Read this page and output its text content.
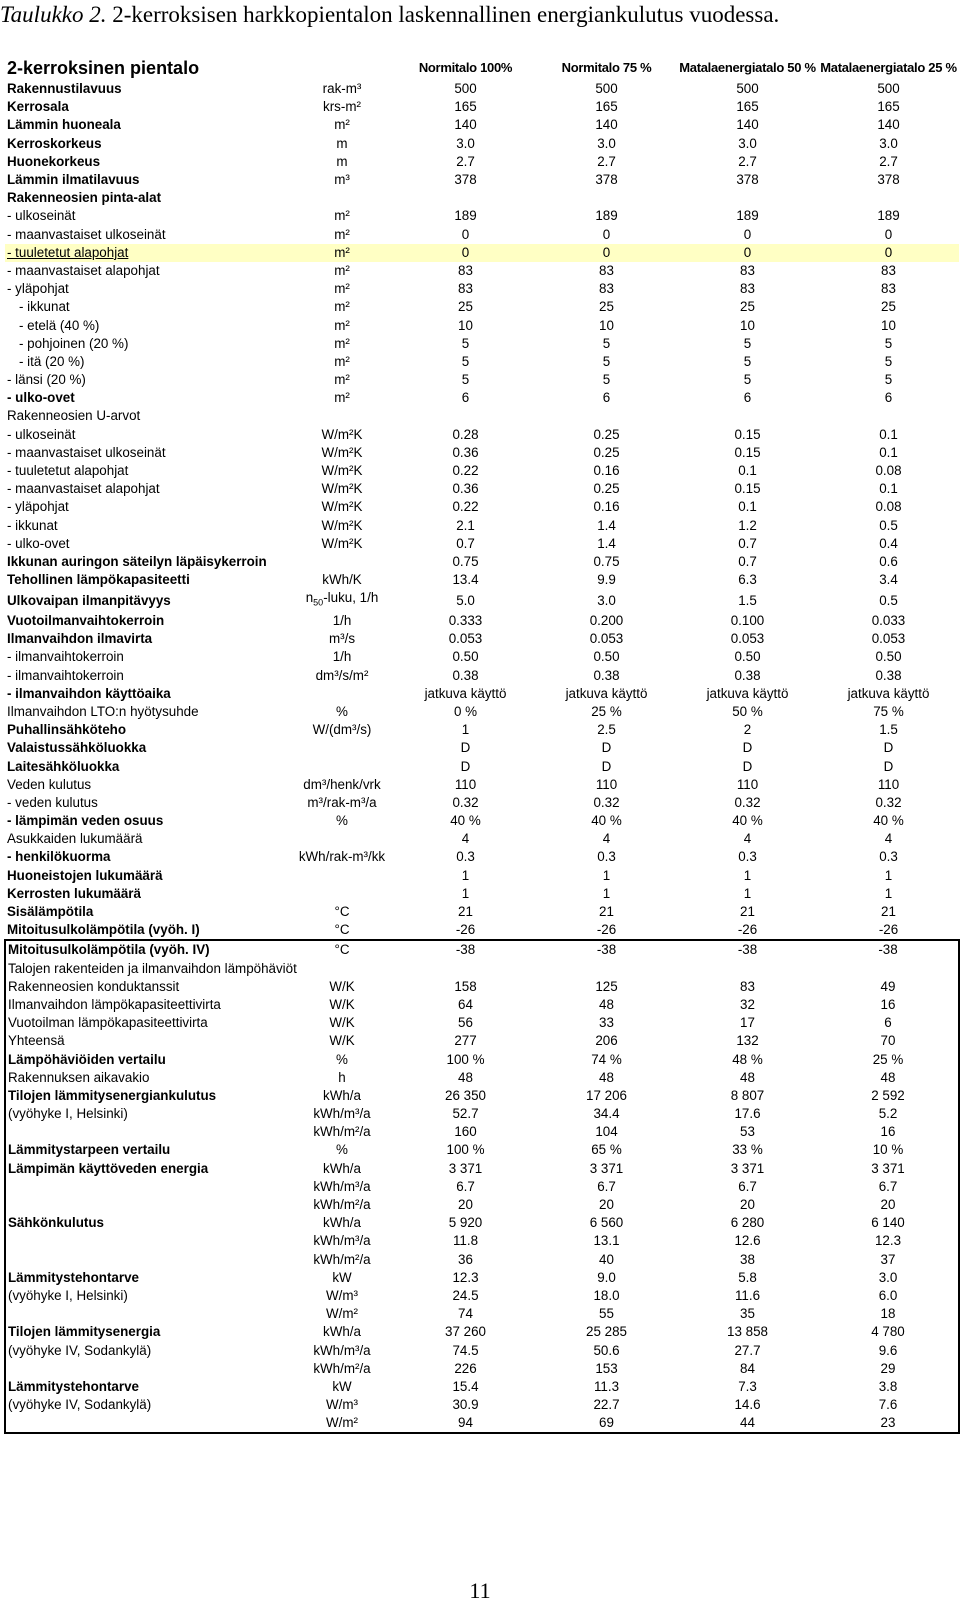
Taulukko 2. 2-kerroksisen harkkopientalon laskennallinen energiankulutus vuodessa.
2-kerroksinen pientalo		Normitalo 100%	Normitalo 75 %	Matalaenergiatalo 50 %	Matalaenergiatalo 25 %
Rakennustilavuus	rak-m³	500	500	500	500
Kerrosala	krs-m²	165	165	165	165
Lämmin huoneala	m²	140	140	140	140
Kerroskorkeus	m	3.0	3.0	3.0	3.0
Huonekorkeus	m	2.7	2.7	2.7	2.7
Lämmin ilmatilavuus	m³	378	378	378	378
Rakenneosien pinta-alat					
- ulkoseinät	m²	189	189	189	189
- maanvastaiset ulkoseinät	m²	0	0	0	0
- tuuletetut alapohjat	m²	0	0	0	0
- maanvastaiset alapohjat	m²	83	83	83	83
- yläpohjat	m²	83	83	83	83
- ikkunat	m²	25	25	25	25
- etelä (40 %)	m²	10	10	10	10
- pohjoinen (20 %)	m²	5	5	5	5
- itä (20 %)	m²	5	5	5	5
- länsi (20 %)	m²	5	5	5	5
- ulko-ovet	m²	6	6	6	6
Rakenneosien U-arvot					
- ulkoseinät	W/m²K	0.28	0.25	0.15	0.1
- maanvastaiset ulkoseinät	W/m²K	0.36	0.25	0.15	0.1
- tuuletetut alapohjat	W/m²K	0.22	0.16	0.1	0.08
- maanvastaiset alapohjat	W/m²K	0.36	0.25	0.15	0.1
- yläpohjat	W/m²K	0.22	0.16	0.1	0.08
- ikkunat	W/m²K	2.1	1.4	1.2	0.5
- ulko-ovet	W/m²K	0.7	1.4	0.7	0.4
Ikkunan auringon säteilyn läpäisykerroin		0.75	0.75	0.7	0.6
Tehollinen lämpökapasiteetti	kWh/K	13.4	9.9	6.3	3.4
Ulkovaipan ilmanpitävyys	$n_{50}$-luku, 1/h	5.0	3.0	1.5	0.5
Vuotoilmanvaihtokerroin	1/h	0.333	0.200	0.100	0.033
Ilmanvaihdon ilmavirta	m³/s	0.053	0.053	0.053	0.053
- ilmanvaihtokerroin	1/h	0.50	0.50	0.50	0.50
- ilmanvaihtokerroin	dm³/s/m²	0.38	0.38	0.38	0.38
- ilmanvaihdon käyttöaika		jatkuva käyttö	jatkuva käyttö	jatkuva käyttö	jatkuva käyttö
Ilmanvaihdon LTO:n hyötysuhde	%	0 %	25 %	50 %	75 %
Puhallinsähköteho	W/(dm³/s)	1	2.5	2	1.5
Valaistussähköluokka		D	D	D	D
Laitesähköluokka		D	D	D	D
Veden kulutus	dm³/henk/vrk	110	110	110	110
- veden kulutus	m³/rak-m³/a	0.32	0.32	0.32	0.32
- lämpimän veden osuus	%	40 %	40 %	40 %	40 %
Asukkaiden lukumäärä		4	4	4	4
- henkilökuorma	kWh/rak-m³/kk	0.3	0.3	0.3	0.3
Huoneistojen lukumäärä		1	1	1	1
Kerrosten lukumäärä		1	1	1	1
Sisälämpötila	°C	21	21	21	21
Mitoitusulkolämpötila (vyöh. I)	°C	-26	-26	-26	-26
Mitoitusulkolämpötila (vyöh. IV)	°C	-38	-38	-38	-38
Talojen rakenteiden ja ilmanvaihdon lämpöhäviöt					
Rakenneosien konduktanssit	W/K	158	125	83	49
Ilmanvaihdon lämpökapasiteettivirta	W/K	64	48	32	16
Vuotoilman lämpökapasiteettivirta	W/K	56	33	17	6
Yhteensä	W/K	277	206	132	70
Lämpöhäviöiden vertailu	%	100 %	74 %	48 %	25 %
Rakennuksen aikavakio	h	48	48	48	48
Tilojen lämmitysenergiankulutus	kWh/a	26 350	17 206	8 807	2 592
(vyöhyke I, Helsinki)	kWh/m³/a	52.7	34.4	17.6	5.2
	kWh/m²/a	160	104	53	16
Lämmitystarpeen vertailu	%	100 %	65 %	33 %	10 %
Lämpimän käyttöveden energia	kWh/a	3 371	3 371	3 371	3 371
	kWh/m³/a	6.7	6.7	6.7	6.7
	kWh/m²/a	20	20	20	20
Sähkönkulutus	kWh/a	5 920	6 560	6 280	6 140
	kWh/m³/a	11.8	13.1	12.6	12.3
	kWh/m²/a	36	40	38	37
Lämmitystehontarve	kW	12.3	9.0	5.8	3.0
(vyöhyke I, Helsinki)	W/m³	24.5	18.0	11.6	6.0
	W/m²	74	55	35	18
Tilojen lämmitysenergia	kWh/a	37 260	25 285	13 858	4 780
(vyöhyke IV, Sodankylä)	kWh/m³/a	74.5	50.6	27.7	9.6
	kWh/m²/a	226	153	84	29
Lämmitystehontarve	kW	15.4	11.3	7.3	3.8
(vyöhyke IV, Sodankylä)	W/m³	30.9	22.7	14.6	7.6
	W/m²	94	69	44	23
11
